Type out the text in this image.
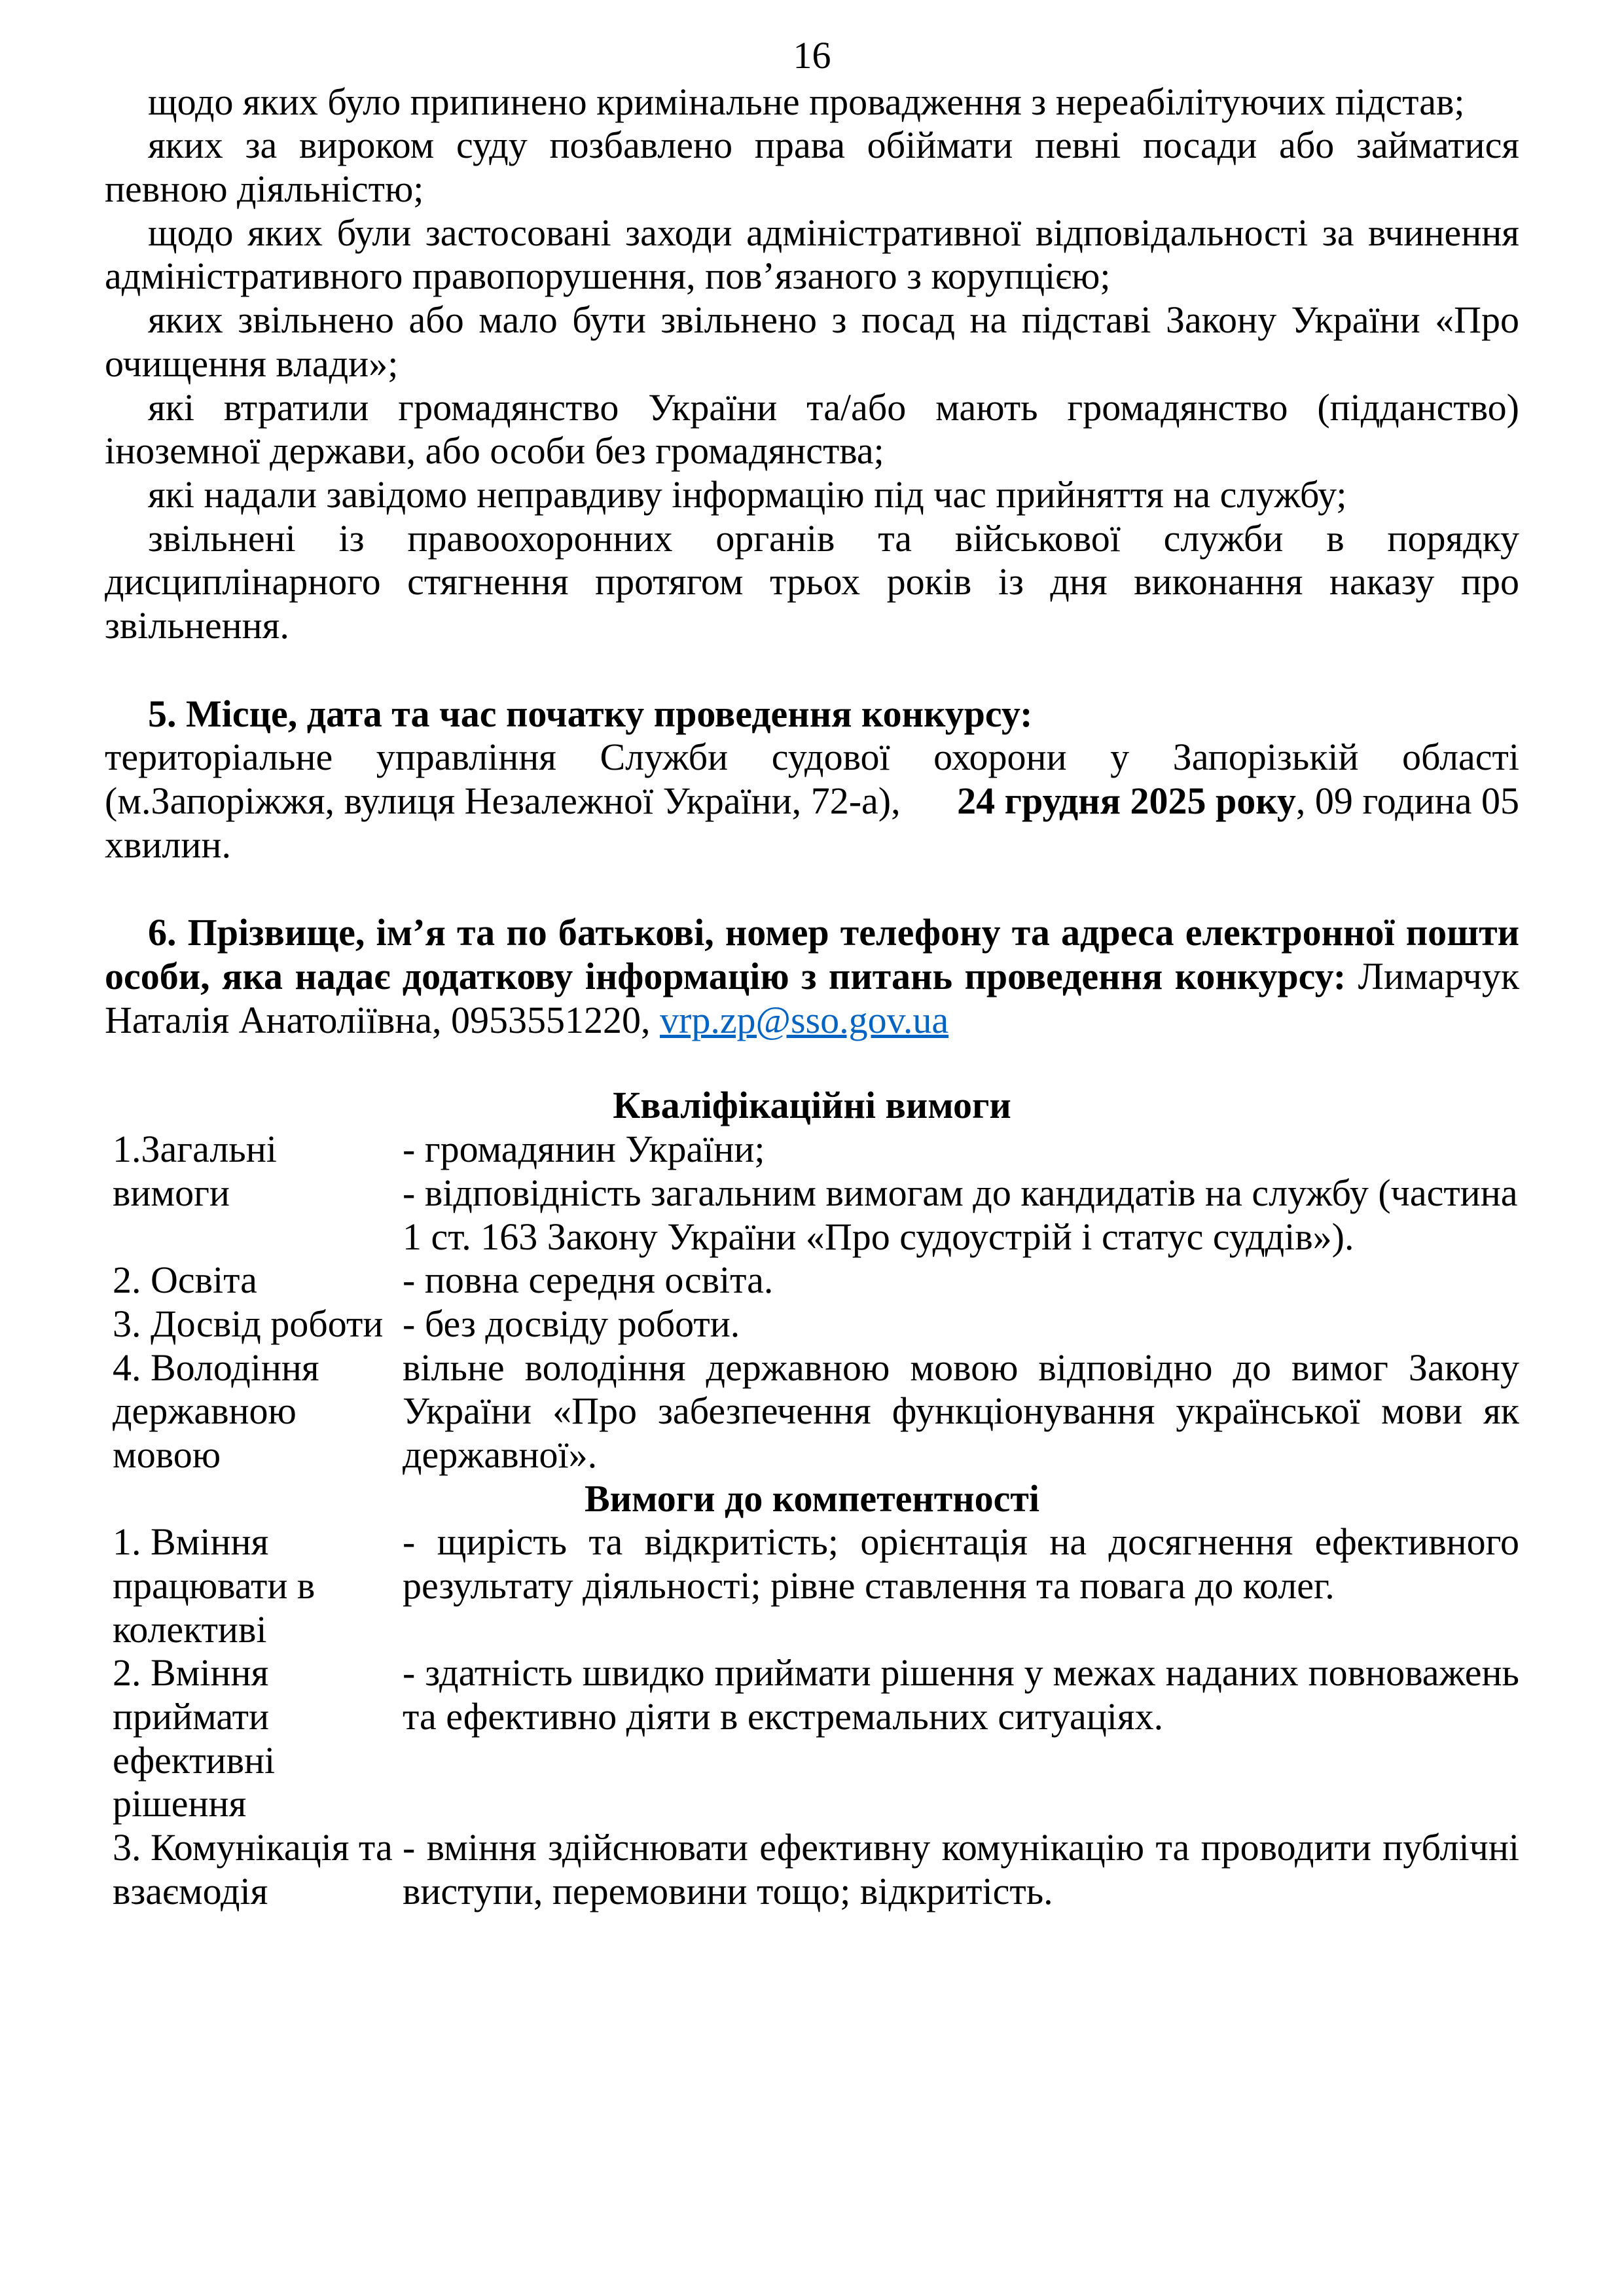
16

щодо яких було припинено кримінальне провадження з нереабілітуючих підстав;

яких за вироком суду позбавлено права обіймати певні посади або займатися певною діяльністю;

щодо яких були застосовані заходи адміністративної відповідальності за вчинення адміністративного правопорушення, пов’язаного з корупцією;

яких звільнено або мало бути звільнено з посад на підставі Закону України «Про очищення влади»;

які втратили громадянство України та/або мають громадянство (підданство) іноземної держави, або особи без громадянства;

які надали завідомо неправдиву інформацію під час прийняття на службу;

звільнені із правоохоронних органів та військової служби в порядку дисциплінарного стягнення протягом трьох років із дня виконання наказу про звільнення.

5. Місце, дата та час початку проведення конкурсу:

територіальне управління Служби судової охорони у Запорізькій області (м.Запоріжжя, вулиця Незалежної України, 72-а), 24 грудня 2025 року, 09 година 05 хвилин.

6. Прізвище, ім’я та по батькові, номер телефону та адреса електронної пошти особи, яка надає додаткову інформацію з питань проведення конкурсу: Лимарчук Наталія Анатоліївна, 0953551220, vrp.zp@sso.gov.ua

Кваліфікаційні вимоги
1.Загальні вимоги
- громадянин України;
- відповідність загальним вимогам до кандидатів на службу (частина 1 ст. 163 Закону України «Про судоустрій і статус суддів»).
2. Освіта	- повна середня освіта.
3. Досвід роботи - без досвіду роботи.
4. Володіння державною мовою
вільне володіння державною мовою відповідно до вимог Закону України «Про забезпечення функціонування української мови як державної».
Вимоги до компетентності
1. Вміння працювати в колективі
- щирість та відкритість; орієнтація на досягнення ефективного результату діяльності; рівне ставлення та повага до колег.
2. Вміння приймати ефективні рішення
- здатність швидко приймати рішення у межах наданих повноважень та ефективно діяти в екстремальних ситуаціях.
3. Комунікація та взаємодія
- вміння здійснювати ефективну комунікацію та проводити публічні виступи, перемовини тощо; відкритість.
